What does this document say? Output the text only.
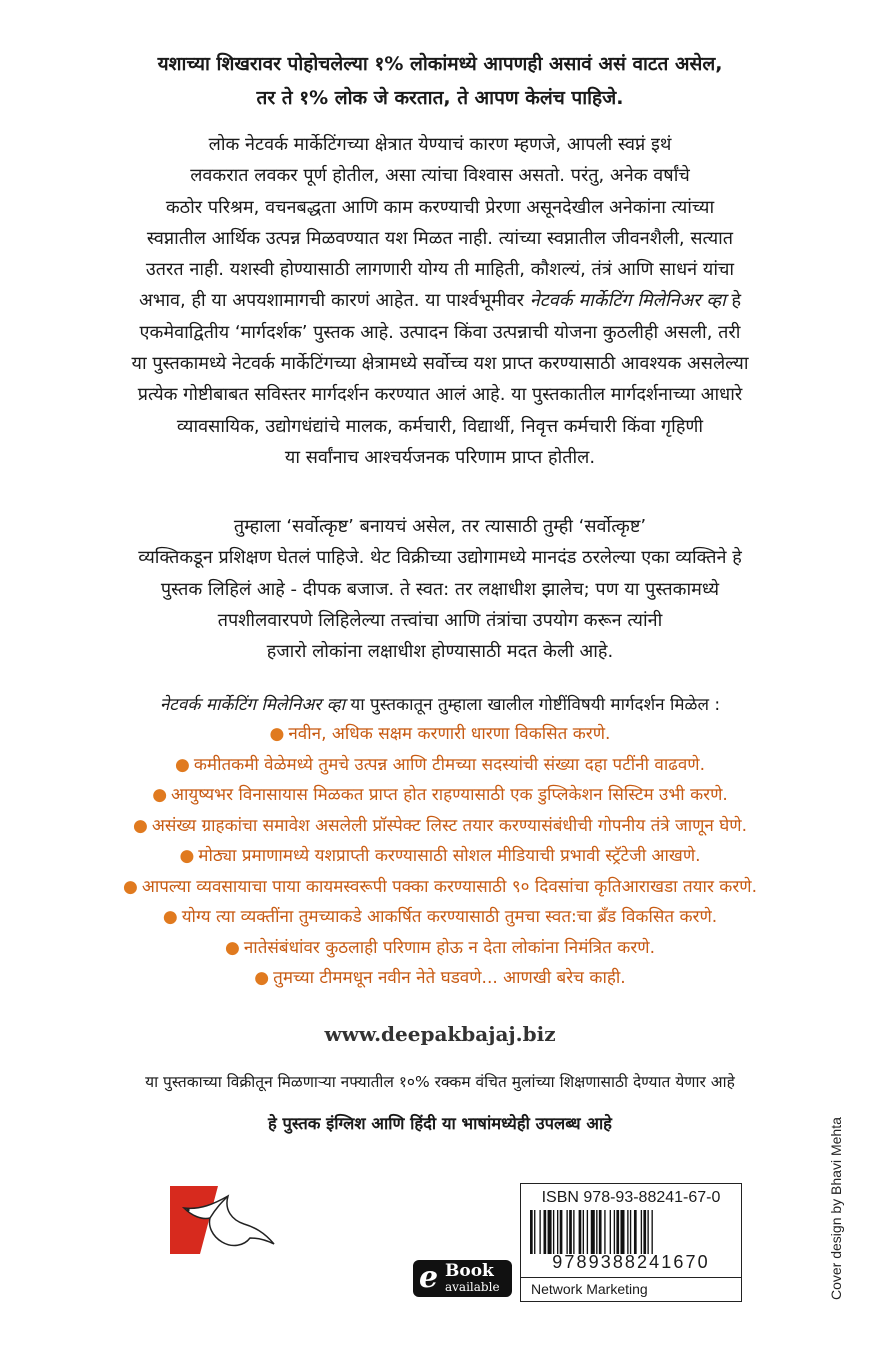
यशाच्या शिखरावर पोहोचलेल्या १% लोकांमध्ये आपणही असावं असं वाटत असेल,

तर ते १% लोक जे करतात, ते आपण केलंच पाहिजे.

लोक नेटवर्क मार्केटिंगच्या क्षेत्रात येण्याचं कारण म्हणजे, आपली स्वप्नं इथं

लवकरात लवकर पूर्ण होतील, असा त्यांचा विश्वास असतो. परंतु, अनेक वर्षांचे

कठोर परिश्रम, वचनबद्धता आणि काम करण्याची प्रेरणा असूनदेखील अनेकांना त्यांच्या

स्वप्नातील आर्थिक उत्पन्न मिळवण्यात यश मिळत नाही. त्यांच्या स्वप्नातील जीवनशैली, सत्यात

उतरत नाही. यशस्वी होण्यासाठी लागणारी योग्य ती माहिती, कौशल्यं, तंत्रं आणि साधनं यांचा

अभाव, ही या अपयशामागची कारणं आहेत. या पार्श्वभूमीवर नेटवर्क मार्केटिंग मिलेनिअर व्हा हे

एकमेवाद्वितीय ‘मार्गदर्शक’ पुस्तक आहे. उत्पादन किंवा उत्पन्नाची योजना कुठलीही असली, तरी

या पुस्तकामध्ये नेटवर्क मार्केटिंगच्या क्षेत्रामध्ये सर्वोच्च यश प्राप्त करण्यासाठी आवश्यक असलेल्या

प्रत्येक गोष्टीबाबत सविस्तर मार्गदर्शन करण्यात आलं आहे. या पुस्तकातील मार्गदर्शनाच्या आधारे

व्यावसायिक, उद्योगधंद्यांचे मालक, कर्मचारी, विद्यार्थी, निवृत्त कर्मचारी किंवा गृहिणी

या सर्वांनाच आश्चर्यजनक परिणाम प्राप्त होतील.

तुम्हाला ‘सर्वोत्कृष्ट’ बनायचं असेल, तर त्यासाठी तुम्ही ‘सर्वोत्कृष्ट’

व्यक्तिकडून प्रशिक्षण घेतलं पाहिजे. थेट विक्रीच्या उद्योगामध्ये मानदंड ठरलेल्या एका व्यक्तिने हे

पुस्तक लिहिलं आहे - दीपक बजाज. ते स्वत: तर लक्षाधीश झालेच; पण या पुस्तकामध्ये

तपशीलवारपणे लिहिलेल्या तत्त्वांचा आणि तंत्रांचा उपयोग करून त्यांनी

हजारो लोकांना लक्षाधीश होण्यासाठी मदत केली आहे.

नेटवर्क मार्केटिंग मिलेनिअर व्हा या पुस्तकातून तुम्हाला खालील गोष्टींविषयी मार्गदर्शन मिळेल :

● नवीन, अधिक सक्षम करणारी धारणा विकसित करणे.
● कमीतकमी वेळेमध्ये तुमचे उत्पन्न आणि टीमच्या सदस्यांची संख्या दहा पटींनी वाढवणे.
● आयुष्यभर विनासायास मिळकत प्राप्त होत राहण्यासाठी एक डुप्लिकेशन सिस्टिम उभी करणे.
● असंख्य ग्राहकांचा समावेश असलेली प्रॉस्पेक्ट लिस्ट तयार करण्यासंबंधीची गोपनीय तंत्रे जाणून घेणे.
● मोठ्या प्रमाणामध्ये यशप्राप्ती करण्यासाठी सोशल मीडियाची प्रभावी स्ट्रॅटेजी आखणे.
● आपल्या व्यवसायाचा पाया कायमस्वरूपी पक्का करण्यासाठी ९० दिवसांचा कृतिआराखडा तयार करणे.
● योग्य त्या व्यक्तींना तुमच्याकडे आकर्षित करण्यासाठी तुमचा स्वत:चा ब्रँड विकसित करणे.
● नातेसंबंधांवर कुठलाही परिणाम होऊ न देता लोकांना निमंत्रित करणे.
● तुमच्या टीममधून नवीन नेते घडवणे... आणखी बरेच काही.
www.deepakbajaj.biz
या पुस्तकाच्या विक्रीतून मिळणाऱ्या नफ्यातील १०% रक्कम वंचित मुलांच्या शिक्षणासाठी देण्यात येणार आहे
हे पुस्तक इंग्लिश आणि हिंदी या भाषांमध्येही उपलब्ध आहे
e Book
available
ISBN 978-93-88241-67-0
9789388241670
Network Marketing	Cover design by Bhavi Mehta
